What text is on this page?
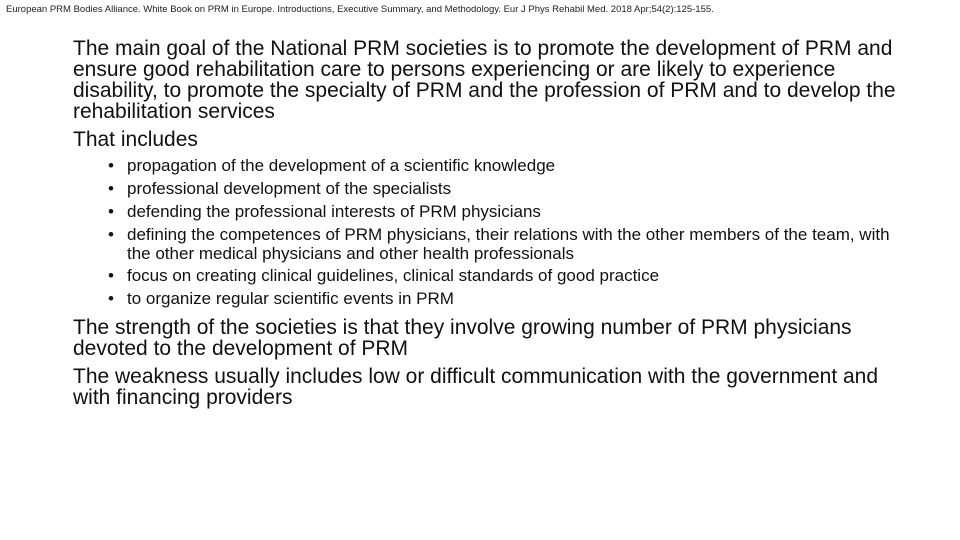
European PRM Bodies Alliance. White Book on PRM in Europe. Introductions, Executive Summary, and Methodology. Eur J Phys Rehabil Med. 2018 Apr;54(2):125-155.

The main goal of the National PRM societies is to promote the development of PRM and ensure good rehabilitation care to persons experiencing or are likely to experience disability, to promote the specialty of PRM and the profession of PRM and to develop the rehabilitation services

That includes

• propagation of the development of a scientific knowledge
• professional development of the specialists
• defending the professional interests of PRM physicians
• defining the competences of PRM physicians, their relations with the other members of the team, with the other medical physicians and other health professionals
• focus on creating clinical guidelines, clinical standards of good practice
• to organize regular scientific events in PRM

The strength of the societies is that they involve growing number of PRM physicians devoted to the development of PRM

The weakness usually includes low or difficult communication with the government and with financing providers
